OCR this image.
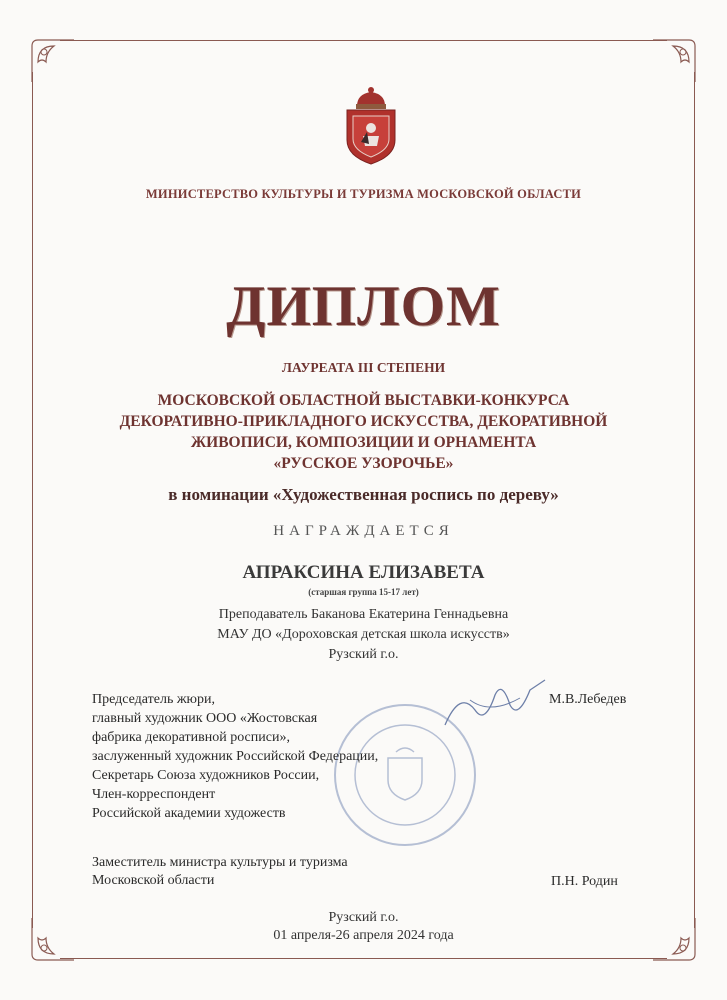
МИНИСТЕРСТВО КУЛЬТУРЫ И ТУРИЗМА МОСКОВСКОЙ ОБЛАСТИ
ДИПЛОМ
ЛАУРЕАТА III СТЕПЕНИ
МОСКОВСКОЙ ОБЛАСТНОЙ ВЫСТАВКИ-КОНКУРСА
ДЕКОРАТИВНО-ПРИКЛАДНОГО ИСКУССТВА, ДЕКОРАТИВНОЙ
ЖИВОПИСИ, КОМПОЗИЦИИ И ОРНАМЕНТА
«РУССКОЕ УЗОРОЧЬЕ»
в номинации «Художественная роспись по дереву»
НАГРАЖДАЕТСЯ
АПРАКСИНА ЕЛИЗАВЕТА
(старшая группа 15-17 лет)
Преподаватель Баканова Екатерина Геннадьевна
МАУ ДО «Дороховская детская школа искусств»
Рузский г.о.
Председатель жюри,
главный художник ООО «Жостовская
фабрика декоративной росписи»,
заслуженный художник Российской Федерации,
Секретарь Союза художников России,
Член-корреспондент
Российской академии художеств
М.В.Лебедев
Заместитель министра культуры и туризма
Московской области	П.Н. Родин
Рузский г.о.
01 апреля-26 апреля 2024 года
